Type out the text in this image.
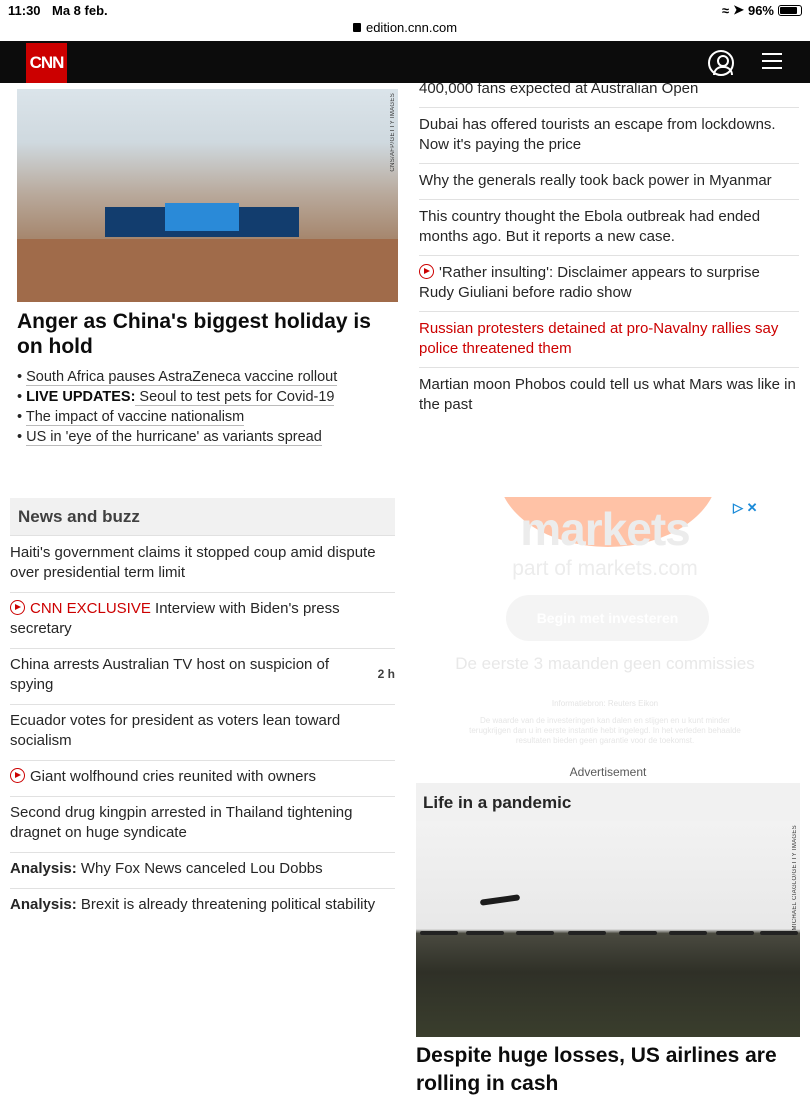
11:30 Ma 8 feb.
edition.cnn.com
≈ ➤ 96%
CNN
CNS/AFP/GETTY IMAGES
Anger as China's biggest holiday is on hold
• South Africa pauses AstraZeneca vaccine rollout
• LIVE UPDATES: Seoul to test pets for Covid-19
• The impact of vaccine nationalism
• US in 'eye of the hurricane' as variants spread
400,000 fans expected at Australian Open
Dubai has offered tourists an escape from lockdowns. Now it's paying the price
Why the generals really took back power in Myanmar
This country thought the Ebola outbreak had ended months ago. But it reports a new case.
'Rather insulting': Disclaimer appears to surprise Rudy Giuliani before radio show
Russian protesters detained at pro-Navalny rallies say police threatened them
Martian moon Phobos could tell us what Mars was like in the past
News and buzz
Haiti's government claims it stopped coup amid dispute over presidential term limit
CNN EXCLUSIVE Interview with Biden's press secretary
China arrests Australian TV host on suspicion of spying
2 h
Ecuador votes for president as voters lean toward socialism
Giant wolfhound cries reunited with owners
Second drug kingpin arrested in Thailand tightening dragnet on huge syndicate
Analysis: Why Fox News canceled Lou Dobbs
Analysis: Brexit is already threatening political stability
markets
part of markets.com
Begin met investeren
De eerste 3 maanden geen commissies
Informatiebron: Reuters Eikon
De waarde van de investeringen kan dalen en stijgen en u kunt minder terugkrijgen dan u in eerste instantie hebt ingelegd. In het verleden behaalde resultaten bieden geen garantie voor de toekomst.
▷ ✕
Advertisement
Life in a pandemic
MICHAEL CIAGLO/GETTY IMAGES
Despite huge losses, US airlines are rolling in cash
